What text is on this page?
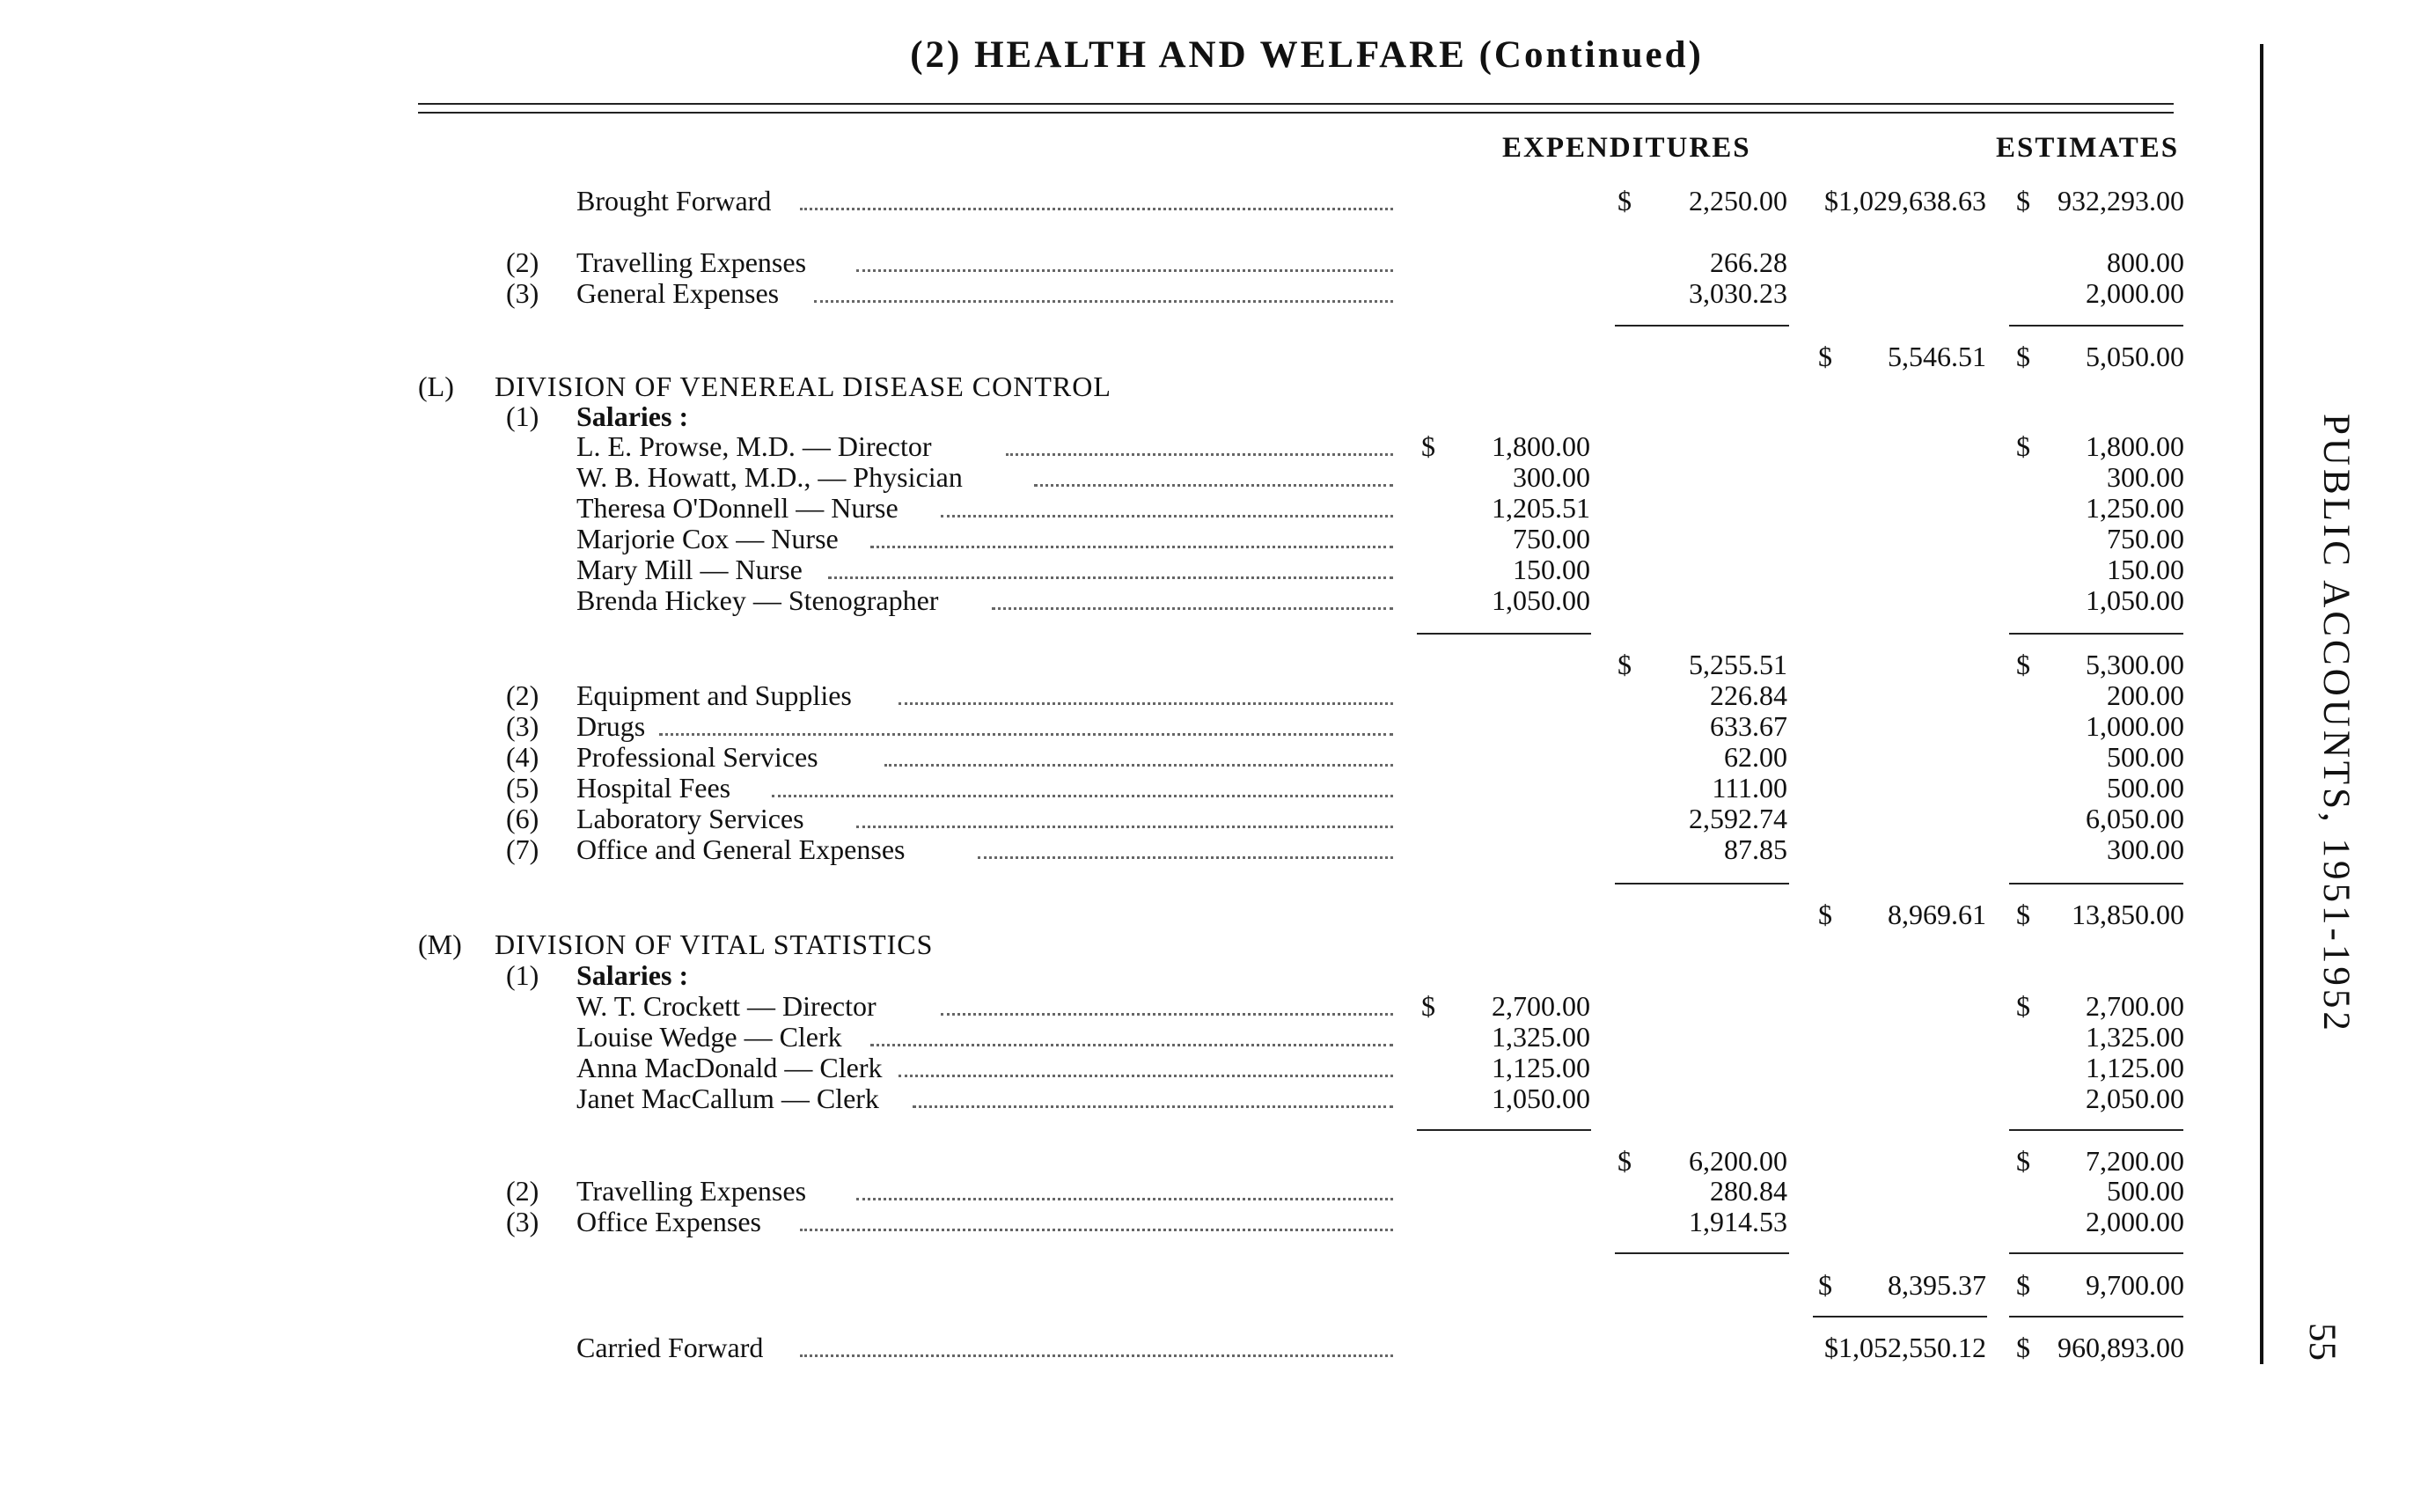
(2) HEALTH AND WELFARE (Continued)
EXPENDITURES	ESTIMATES
Brought Forward	$ 2,250.00 $1,029,638.63 $ 932,293.00
(2) Travelling Expenses	266.28	800.00
(3) General Expenses	3,030.23	2,000.00
$ 5,546.51 $ 5,050.00
(L) DIVISION OF VENEREAL DISEASE CONTROL
(1) Salaries :
L. E. Prowse, M.D. — Director	$ 1,800.00	$ 1,800.00
W. B. Howatt, M.D., — Physician	300.00	300.00
Theresa O'Donnell — Nurse	1,205.51	1,250.00
Marjorie Cox — Nurse	750.00	750.00
Mary Mill — Nurse	150.00	150.00
Brenda Hickey — Stenographer	1,050.00	1,050.00
$ 5,255.51	$ 5,300.00
(2) Equipment and Supplies	226.84	200.00
(3) Drugs	633.67	1,000.00
(4) Professional Services	62.00	500.00
(5) Hospital Fees	111.00	500.00
(6) Laboratory Services	2,592.74	6,050.00
(7) Office and General Expenses	87.85	300.00
$ 8,969.61 $ 13,850.00
(M) DIVISION OF VITAL STATISTICS
(1) Salaries :
W. T. Crockett — Director	$ 2,700.00	$ 2,700.00
Louise Wedge — Clerk	1,325.00	1,325.00
Anna MacDonald — Clerk	1,125.00	1,125.00
Janet MacCallum — Clerk	1,050.00	2,050.00
$ 6,200.00	$ 7,200.00
(2) Travelling Expenses	280.84	500.00
(3) Office Expenses	1,914.53	2,000.00
$ 8,395.37 $ 9,700.00
Carried Forward	$1,052,550.12 $ 960,893.00
PUBLIC ACCOUNTS, 1951-1952
55
